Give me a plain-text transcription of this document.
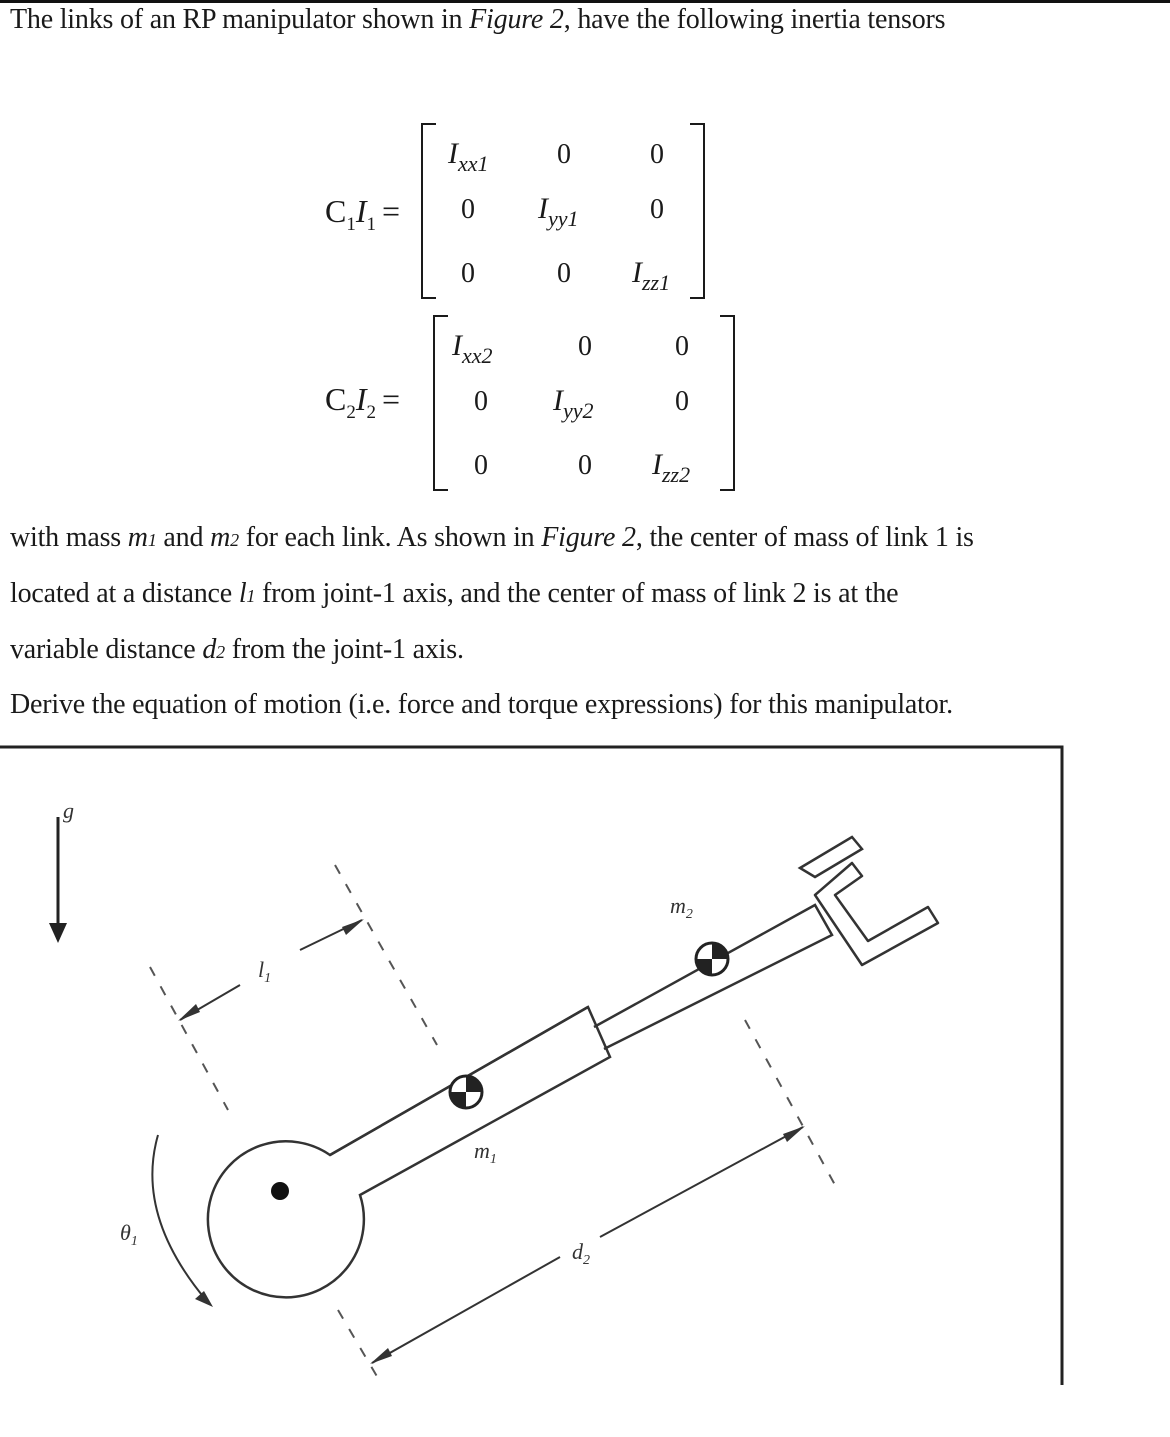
The links of an RP manipulator shown in Figure 2, have the following inertia tensors
$C_1I_1$ =
$I_{xx1}$ 0	0
0 $I_{yy1}$	0
0	0 $I_{zz1}$
$C_2I_2$ =
$I_{xx2}$	0	0
0 $I_{yy2}$	0
0	0 $I_{zz2}$
with mass m1 and m2 for each link. As shown in Figure 2, the center of mass of link 1 is
located at a distance l1 from joint-1 axis, and the center of mass of link 2 is at the
variable distance d2 from the joint-1 axis.
Derive the equation of motion (i.e. force and torque expressions) for this manipulator.
g
$m_1$
$m_2$
$l_1$
$d_2$
$\theta_1$
